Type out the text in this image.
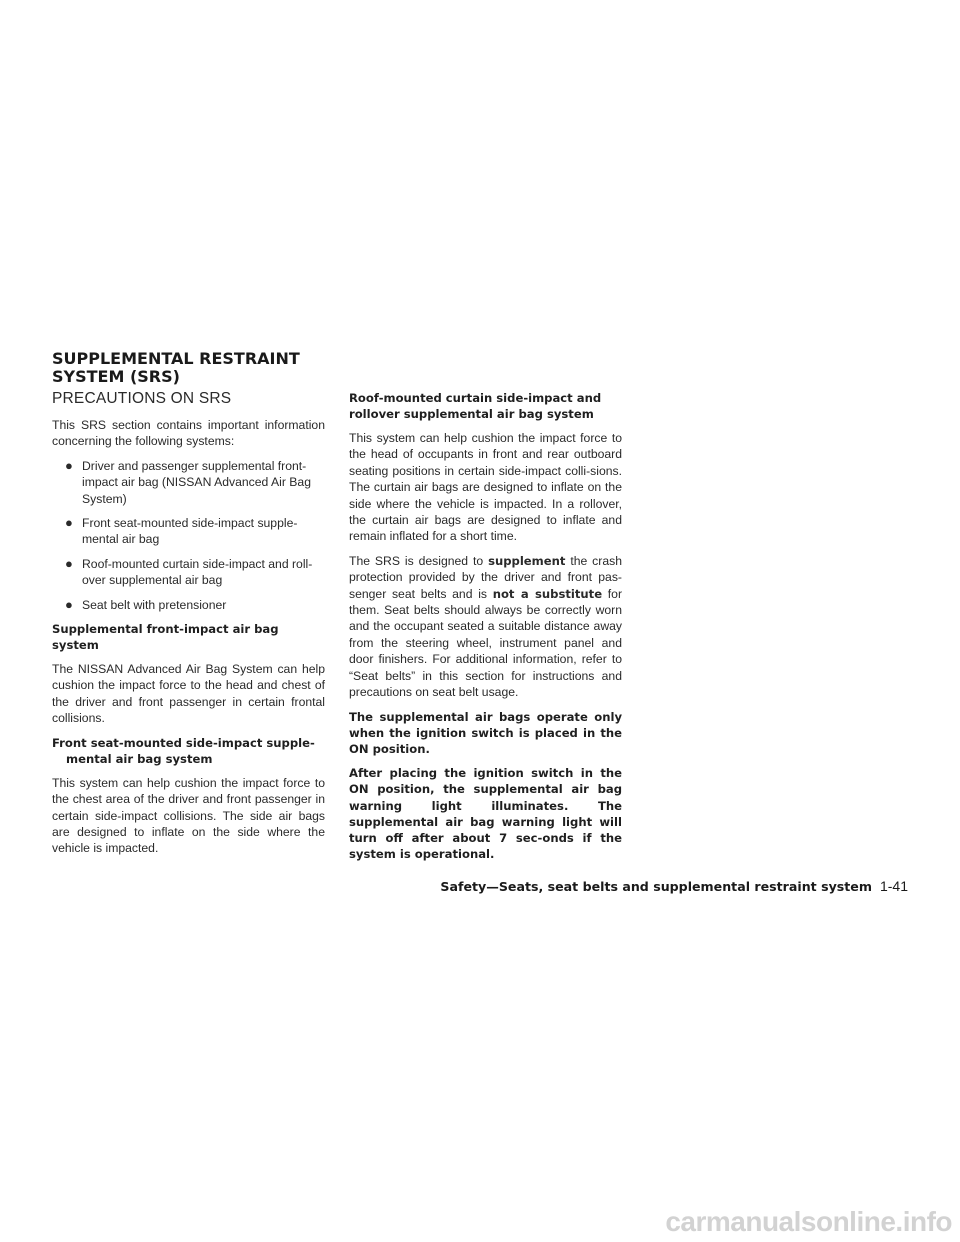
SUPPLEMENTAL RESTRAINT
SYSTEM (SRS)
PRECAUTIONS ON SRS

This SRS section contains important information concerning the following systems:

● Driver and passenger supplemental front-impact air bag (NISSAN Advanced Air Bag System)
● Front seat-mounted side-impact supple-mental air bag
● Roof-mounted curtain side-impact and roll-over supplemental air bag
● Seat belt with pretensioner
Supplemental front-impact air bag system

The NISSAN Advanced Air Bag System can help cushion the impact force to the head and chest of the driver and front passenger in certain frontal collisions.

Front seat-mounted side-impact supple-mental air bag system

This system can help cushion the impact force to the chest area of the driver and front passenger in certain side-impact collisions. The side air bags are designed to inflate on the side where the vehicle is impacted.

Roof-mounted curtain side-impact and rollover supplemental air bag system

This system can help cushion the impact force to the head of occupants in front and rear outboard seating positions in certain side-impact colli-sions. The curtain air bags are designed to inflate on the side where the vehicle is impacted. In a rollover, the curtain air bags are designed to inflate and remain inflated for a short time.

The SRS is designed to supplement the crash protection provided by the driver and front pas-senger seat belts and is not a substitute for them. Seat belts should always be correctly worn and the occupant seated a suitable distance away from the steering wheel, instrument panel and door finishers. For additional information, refer to “Seat belts” in this section for instructions and precautions on seat belt usage.

The supplemental air bags operate only when the ignition switch is placed in the ON position.
After placing the ignition switch in the ON position, the supplemental air bag warning light illuminates. The supplemental air bag warning light will turn off after about 7 sec-onds if the system is operational.
Safety—Seats, seat belts and supplemental restraint system 1-41
carmanualsonline.info
